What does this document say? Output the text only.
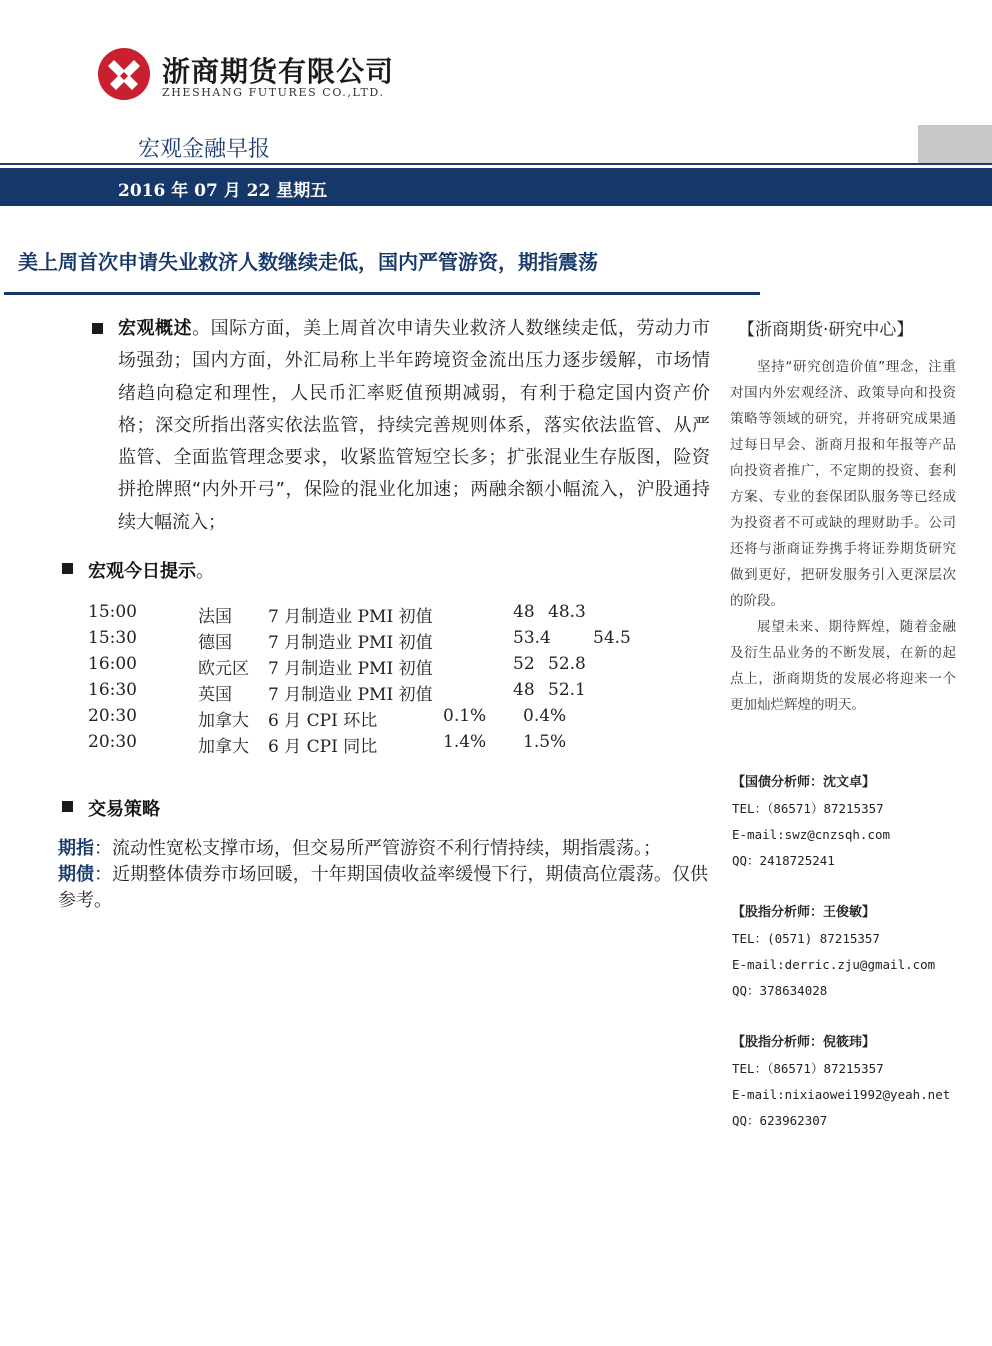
浙商期货有限公司
ZHESHANG FUTURES CO.,LTD.
宏观金融早报
2016 年 07 月 22 星期五
美上周首次申请失业救济人数继续走低，国内严管游资，期指震荡
宏观概述。国际方面，美上周首次申请失业救济人数继续走低，劳动力市场强劲；国内方面，外汇局称上半年跨境资金流出压力逐步缓解，市场情绪趋向稳定和理性，人民币汇率贬值预期减弱，有利于稳定国内资产价格；深交所指出落实依法监管，持续完善规则体系，落实依法监管、从严监管、全面监管理念要求，收紧监管短空长多；扩张混业生存版图，险资拼抢牌照“内外开弓”，保险的混业化加速；两融余额小幅流入，沪股通持续大幅流入；
宏观今日提示。
15:00	法国 7 月制造业 PMI 初值	48 48.3
15:30	德国 7 月制造业 PMI 初值	53.4 54.5
16:00	欧元区 7 月制造业 PMI 初值	52 52.8
16:30	英国 7 月制造业 PMI 初值	48 52.1
20:30	加拿大 6 月 CPI 环比	0.1% 0.4%
20:30	加拿大 6 月 CPI 同比	1.4% 1.5%
交易策略
期指：流动性宽松支撑市场，但交易所严管游资不利行情持续，期指震荡。；
期债：近期整体债券市场回暖，十年期国债收益率缓慢下行，期债高位震荡。仅供参考。
【浙商期货·研究中心】
坚持“研究创造价值”理念，注重对国内外宏观经济、政策导向和投资策略等领域的研究，并将研究成果通过每日早会、浙商月报和年报等产品向投资者推广，不定期的投资、套利方案、专业的套保团队服务等已经成为投资者不可或缺的理财助手。公司还将与浙商证券携手将证券期货研究做到更好，把研发服务引入更深层次的阶段。
展望未来、期待辉煌，随着金融及衍生品业务的不断发展，在新的起点上，浙商期货的发展必将迎来一个更加灿烂辉煌的明天。
【国债分析师：沈文卓】
TEL：（86571）87215357
E-mail:swz@cnzsqh.com
QQ：2418725241
【股指分析师：王俊敏】
TEL：(0571) 87215357
E-mail:derric.zju@gmail.com
QQ：378634028
【股指分析师：倪筱玮】
TEL：（86571）87215357
E-mail:nixiaowei1992@yeah.net
QQ：623962307
